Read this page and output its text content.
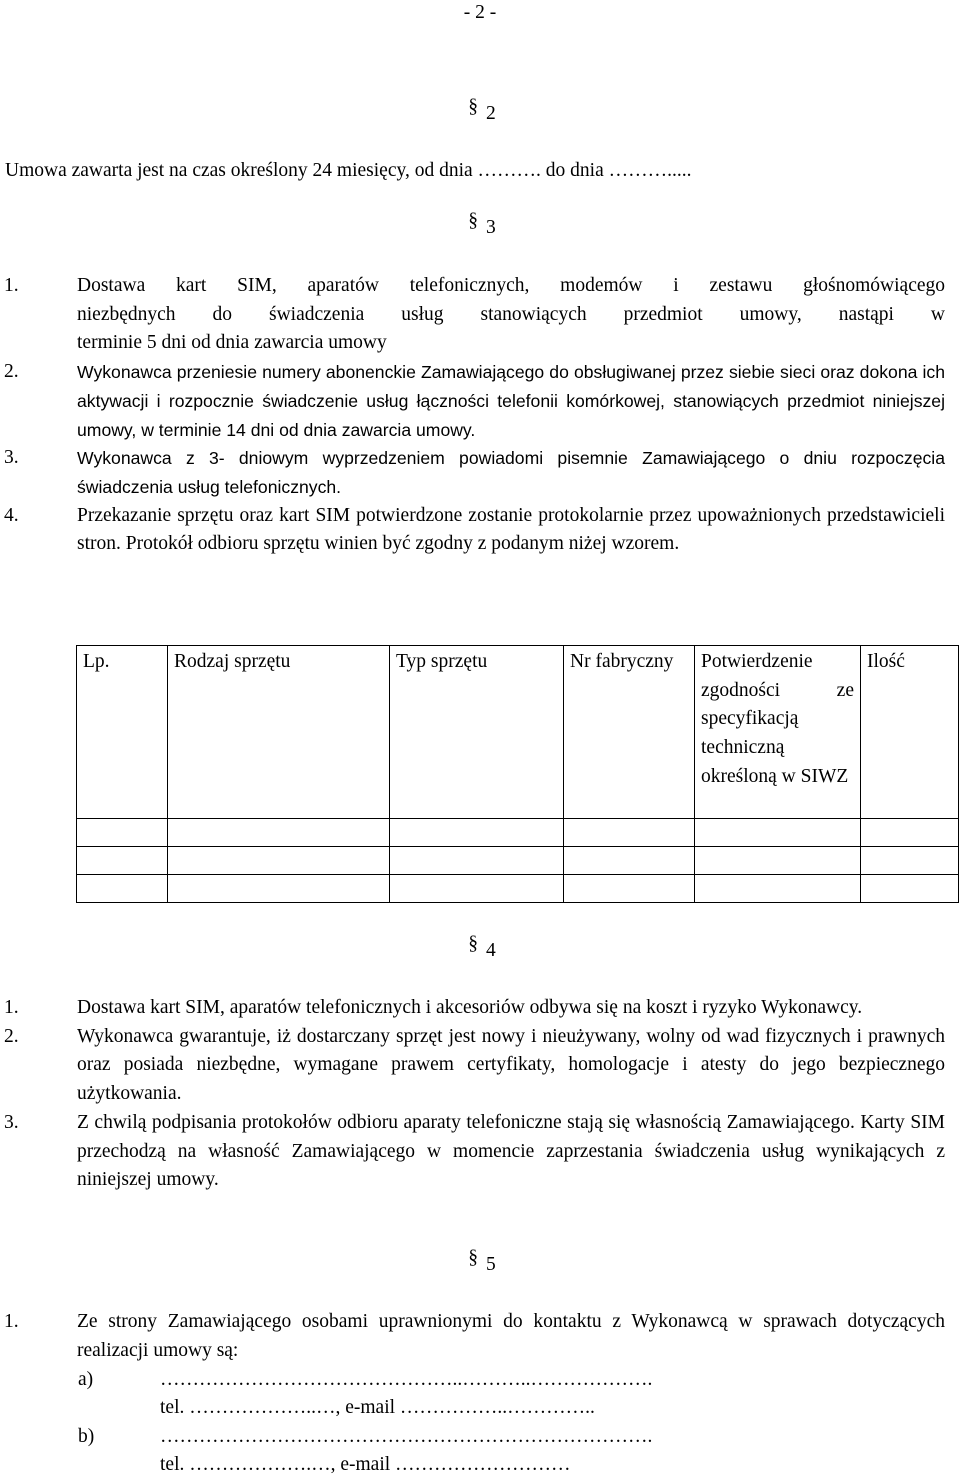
- 2 -
§ 2
Umowa zawarta jest na czas określony 24 miesięcy, od dnia ………. do dnia ……….....
§ 3
1.	Dostawa kart SIM, aparatów telefonicznych, modemów i zestawu głośnomówiącego
niezbędnych do świadczenia usług stanowiących przedmiot umowy, nastąpi w
terminie 5 dni od dnia zawarcia umowy
2.	Wykonawca przeniesie numery abonenckie Zamawiającego do obsługiwanej przez siebie sieci oraz dokona ich aktywacji i rozpocznie świadczenie usług łączności telefonii komórkowej, stanowiących przedmiot niniejszej umowy, w terminie 14 dni od dnia zawarcia umowy.
3.	Wykonawca z 3- dniowym wyprzedzeniem powiadomi pisemnie Zamawiającego o dniu rozpoczęcia świadczenia usług telefonicznych.
4.	Przekazanie sprzętu oraz kart SIM potwierdzone zostanie protokolarnie przez upoważnionych przedstawicieli stron. Protokół odbioru sprzętu winien być zgodny z podanym niżej wzorem.
Lp.	Rodzaj sprzętu	Typ sprzętu	Nr fabryczny	Potwierdzenie zgodności ze specyfikacją techniczną określoną w SIWZ	Ilość

§ 4
1.	Dostawa kart SIM, aparatów telefonicznych i akcesoriów odbywa się na koszt i ryzyko Wykonawcy.
2.	Wykonawca gwarantuje, iż dostarczany sprzęt jest nowy i nieużywany, wolny od wad fizycznych i prawnych oraz posiada niezbędne, wymagane prawem certyfikaty, homologacje i atesty do jego bezpiecznego użytkowania.
3.	Z chwilą podpisania protokołów odbioru aparaty telefoniczne stają się własnością Zamawiającego. Karty SIM przechodzą na własność Zamawiającego w momencie zaprzestania świadczenia usług wynikających z niniejszej umowy.
§ 5
1.	Ze strony Zamawiającego osobami uprawnionymi do kontaktu z Wykonawcą w sprawach dotyczących realizacji umowy są:
a)	………………………………………..………..……………….
tel. ………………..…, e-mail ……………..…………..
b)	………………………………………………………………….
tel. ……………….…, e-mail ………………………
